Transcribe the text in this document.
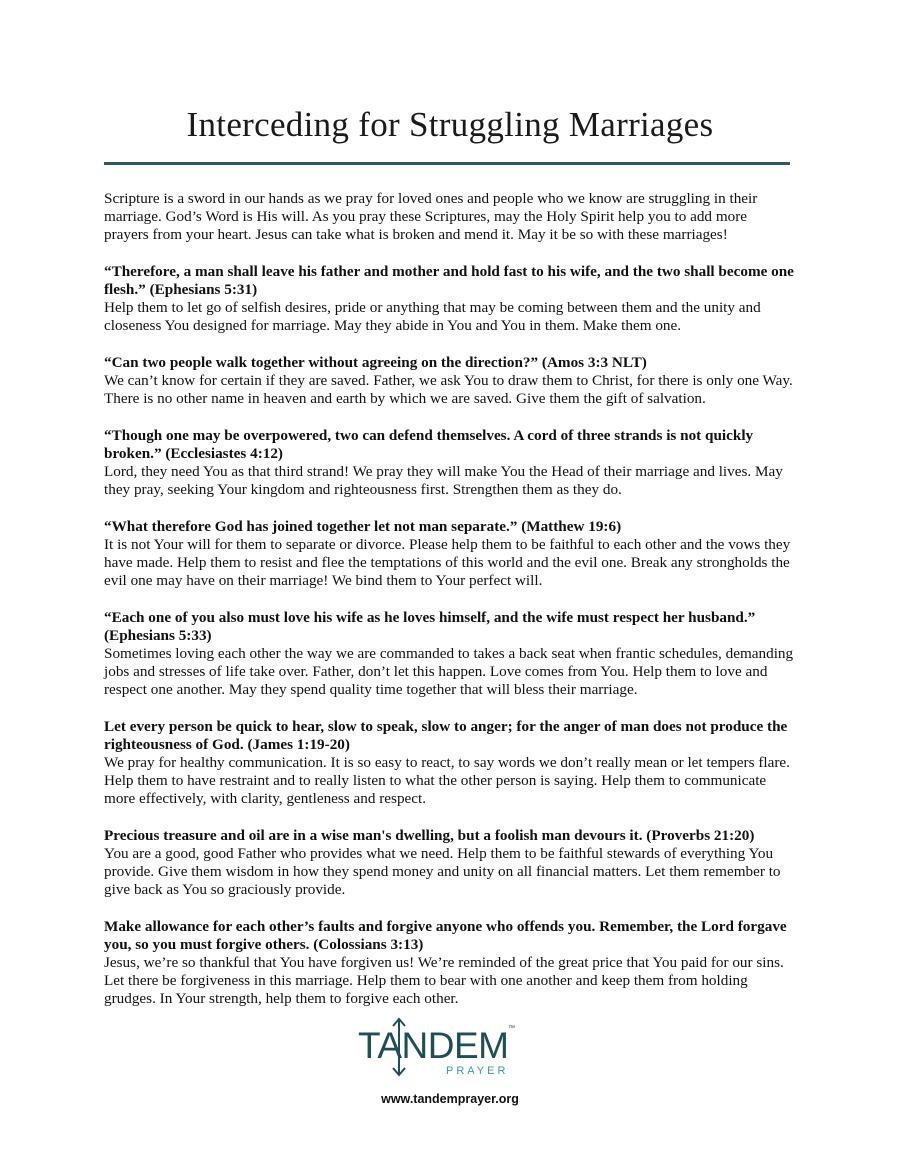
Interceding for Struggling Marriages

Scripture is a sword in our hands as we pray for loved ones and people who we know are struggling in their marriage. God’s Word is His will. As you pray these Scriptures, may the Holy Spirit help you to add more prayers from your heart. Jesus can take what is broken and mend it. May it be so with these marriages!

“Therefore, a man shall leave his father and mother and hold fast to his wife, and the two shall become one flesh.” (Ephesians 5:31)
Help them to let go of selfish desires, pride or anything that may be coming between them and the unity and closeness You designed for marriage. May they abide in You and You in them. Make them one.
“Can two people walk together without agreeing on the direction?” (Amos 3:3 NLT)
We can’t know for certain if they are saved. Father, we ask You to draw them to Christ, for there is only one Way. There is no other name in heaven and earth by which we are saved. Give them the gift of salvation.
“Though one may be overpowered, two can defend themselves. A cord of three strands is not quickly broken.” (Ecclesiastes 4:12)
Lord, they need You as that third strand! We pray they will make You the Head of their marriage and lives. May they pray, seeking Your kingdom and righteousness first. Strengthen them as they do.
“What therefore God has joined together let not man separate.” (Matthew 19:6)
It is not Your will for them to separate or divorce. Please help them to be faithful to each other and the vows they have made. Help them to resist and flee the temptations of this world and the evil one. Break any strongholds the evil one may have on their marriage! We bind them to Your perfect will.
“Each one of you also must love his wife as he loves himself, and the wife must respect her husband.” (Ephesians 5:33)
Sometimes loving each other the way we are commanded to takes a back seat when frantic schedules, demanding jobs and stresses of life take over. Father, don’t let this happen. Love comes from You. Help them to love and respect one another. May they spend quality time together that will bless their marriage.
Let every person be quick to hear, slow to speak, slow to anger; for the anger of man does not produce the righteousness of God. (James 1:19-20)
We pray for healthy communication. It is so easy to react, to say words we don’t really mean or let tempers flare. Help them to have restraint and to really listen to what the other person is saying. Help them to communicate more effectively, with clarity, gentleness and respect.
Precious treasure and oil are in a wise man's dwelling, but a foolish man devours it. (Proverbs 21:20)
You are a good, good Father who provides what we need. Help them to be faithful stewards of everything You provide. Give them wisdom in how they spend money and unity on all financial matters. Let them remember to give back as You so graciously provide.
Make allowance for each other’s faults and forgive anyone who offends you. Remember, the Lord forgave you, so you must forgive others. (Colossians 3:13)
Jesus, we’re so thankful that You have forgiven us! We’re reminded of the great price that You paid for our sins. Let there be forgiveness in this marriage. Help them to bear with one another and keep them from holding grudges. In Your strength, help them to forgive each other.
TANDEM ™
PRAYER
www.tandemprayer.org
